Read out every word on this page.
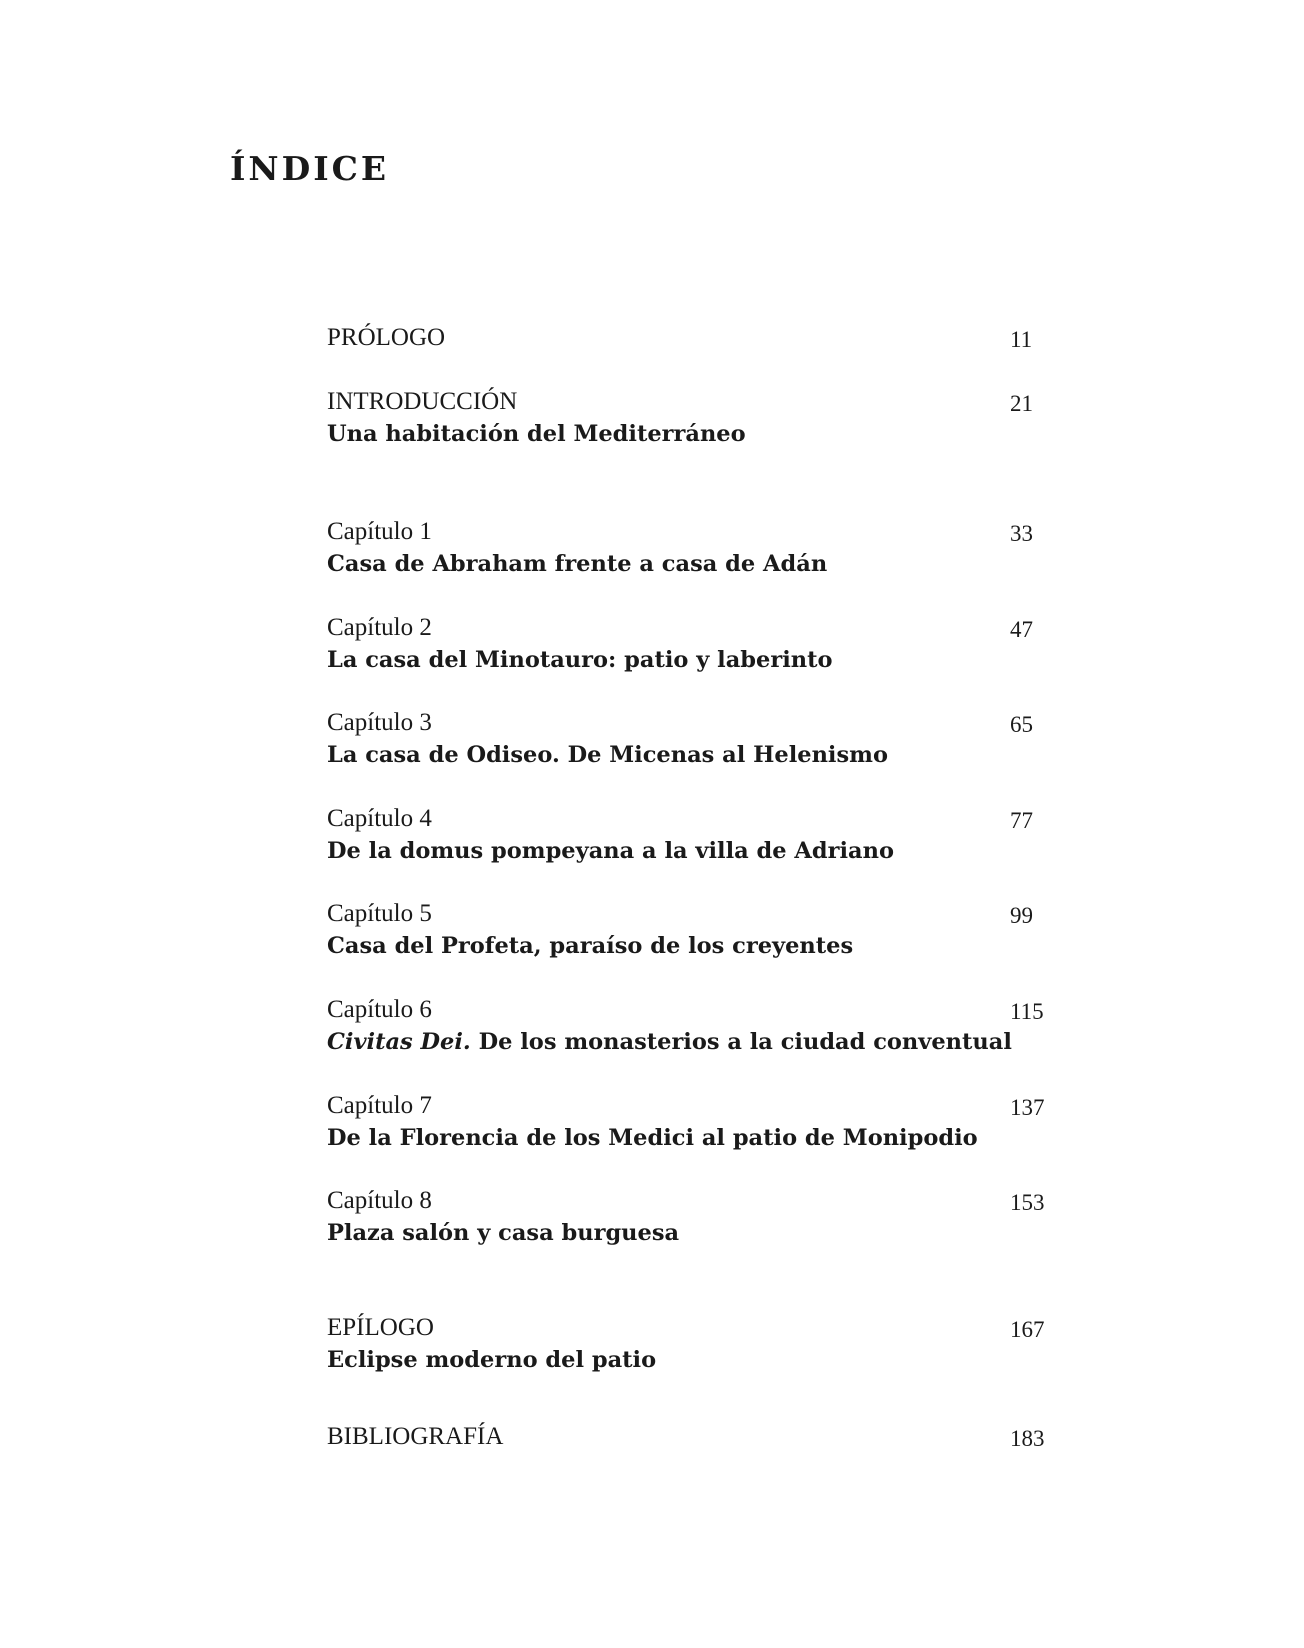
ÍNDICE
PRÓLOGO	11
INTRODUCCIÓN
Una habitación del Mediterráneo
21
Capítulo 1
Casa de Abraham frente a casa de Adán
33
Capítulo 2
La casa del Minotauro: patio y laberinto
47
Capítulo 3
La casa de Odiseo. De Micenas al Helenismo
65
Capítulo 4
De la domus pompeyana a la villa de Adriano
77
Capítulo 5
Casa del Profeta, paraíso de los creyentes
99
Capítulo 6
Civitas Dei. De los monasterios a la ciudad conventual
115
Capítulo 7
De la Florencia de los Medici al patio de Monipodio
137
Capítulo 8
Plaza salón y casa burguesa
153
EPÍLOGO
Eclipse moderno del patio
167
BIBLIOGRAFÍA	183
